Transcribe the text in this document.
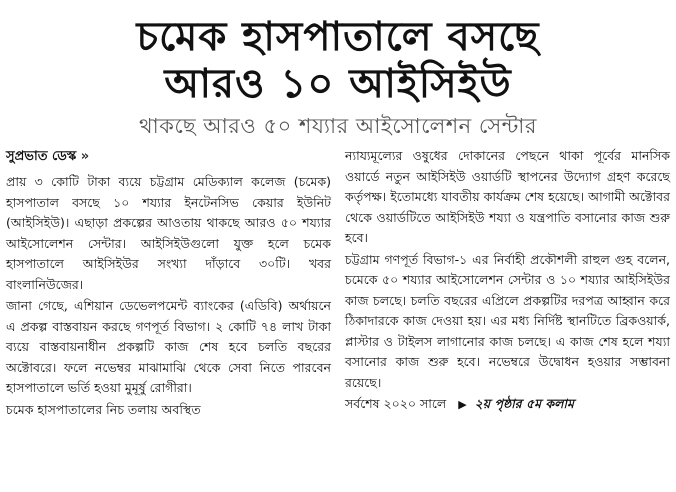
চমেক হাসপাতালে বসছে
আরও ১০ আইসিইউ
থাকছে আরও ৫০ শয্যার আইসোলেশন সেন্টার
সুপ্রভাত ডেস্ক »

প্রায় ৩ কোটি টাকা ব্যয়ে চট্টগ্রাম মেডিক্যাল কলেজ (চমেক) হাসপাতাল বসছে ১০ শয্যার ইনটেনসিভ কেয়ার ইউনিট (আইসিইউ)। এছাড়া প্রকল্পের আওতায় থাকছে আরও ৫০ শয্যার আইসোলেশন সেন্টার। আইসিইউগুলো যুক্ত হলে চমেক হাসপাতালে আইসিইউর সংখ্যা দাঁড়াবে ৩০টি। খবর বাংলানিউজের।

জানা গেছে, এশিয়ান ডেভেলপমেন্ট ব্যাংকের (এডিবি) অর্থায়নে এ প্রকল্প বাস্তবায়ন করছে গণপূর্ত বিভাগ। ২ কোটি ৭৪ লাখ টাকা ব্যয়ে বাস্তবায়নাধীন প্রকল্পটি কাজ শেষ হবে চলতি বছরের অক্টোবরে। ফলে নভেম্বর মাঝামাঝি থেকে সেবা নিতে পারবেন হাসপাতালে ভর্তি হওয়া মুমূর্ষু রোগীরা।

চমেক হাসপাতালের নিচ তলায় অবস্থিত

ন্যায্যমূল্যের ওষুধের দোকানের পেছনে থাকা পূর্বের মানসিক ওয়ার্ডে নতুন আইসিইউ ওয়ার্ডটি স্থাপনের উদ্যোগ গ্রহণ করেছে কর্তৃপক্ষ। ইতোমধ্যে যাবতীয় কার্যক্রম শেষ হয়েছে। আগামী অক্টোবর থেকে ওয়ার্ডটিতে আইসিইউ শয্যা ও যন্ত্রপাতি বসানোর কাজ শুরু হবে।

চট্টগ্রাম গণপূর্ত বিভাগ-১ এর নির্বাহী প্রকৌশলী রাহুল গুহ বলেন, চমেকে ৫০ শয্যার আইসোলেশন সেন্টার ও ১০ শয্যার আইসিইউর কাজ চলছে। চলতি বছরের এপ্রিলে প্রকল্পটির দরপত্র আহ্বান করে ঠিকাদারকে কাজ দেওয়া হয়। এর মধ্য নির্দিষ্ট স্থানটিতে ব্রিকওয়ার্ক, প্লাস্টার ও টাইলস লাগানোর কাজ চলছে। এ কাজ শেষ হলে শয্যা বসানোর কাজ শুরু হবে। নভেম্বরে উদ্বোধন হওয়ার সম্ভাবনা রয়েছে।

সর্বশেষ ২০২০ সালে ▶ ২য় পৃষ্ঠার ৫ম কলাম
